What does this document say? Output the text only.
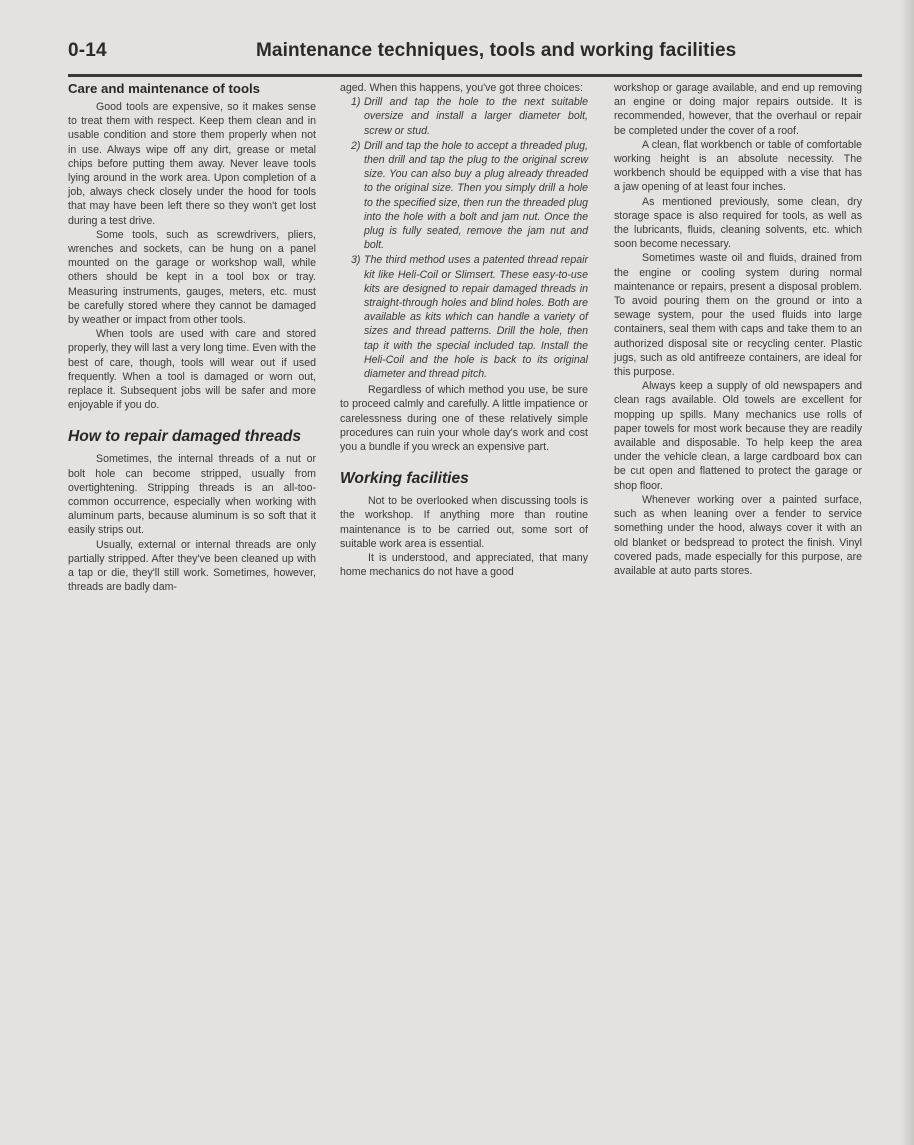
0-14	Maintenance techniques, tools and working facilities
Care and maintenance of tools

Good tools are expensive, so it makes sense to treat them with respect. Keep them clean and in usable condition and store them properly when not in use. Always wipe off any dirt, grease or metal chips before putting them away. Never leave tools lying around in the work area. Upon completion of a job, always check closely under the hood for tools that may have been left there so they won't get lost during a test drive.

Some tools, such as screwdrivers, pliers, wrenches and sockets, can be hung on a panel mounted on the garage or workshop wall, while others should be kept in a tool box or tray. Measuring instruments, gauges, meters, etc. must be carefully stored where they cannot be damaged by weather or impact from other tools.

When tools are used with care and stored properly, they will last a very long time. Even with the best of care, though, tools will wear out if used frequently. When a tool is damaged or worn out, replace it. Subsequent jobs will be safer and more enjoyable if you do.

How to repair damaged threads

Sometimes, the internal threads of a nut or bolt hole can become stripped, usually from overtightening. Stripping threads is an all-too-common occurrence, especially when working with aluminum parts, because aluminum is so soft that it easily strips out.

Usually, external or internal threads are only partially stripped. After they've been cleaned up with a tap or die, they'll still work. Sometimes, however, threads are badly dam-

aged. When this happens, you've got three choices:

1) Drill and tap the hole to the next suitable oversize and install a larger diameter bolt, screw or stud.
2) Drill and tap the hole to accept a threaded plug, then drill and tap the plug to the original screw size. You can also buy a plug already threaded to the original size. Then you simply drill a hole to the specified size, then run the threaded plug into the hole with a bolt and jam nut. Once the plug is fully seated, remove the jam nut and bolt.
3) The third method uses a patented thread repair kit like Heli-Coil or Slimsert. These easy-to-use kits are designed to repair damaged threads in straight-through holes and blind holes. Both are available as kits which can handle a variety of sizes and thread patterns. Drill the hole, then tap it with the special included tap. Install the Heli-Coil and the hole is back to its original diameter and thread pitch.

Regardless of which method you use, be sure to proceed calmly and carefully. A little impatience or carelessness during one of these relatively simple procedures can ruin your whole day's work and cost you a bundle if you wreck an expensive part.

Working facilities

Not to be overlooked when discussing tools is the workshop. If anything more than routine maintenance is to be carried out, some sort of suitable work area is essential.

It is understood, and appreciated, that many home mechanics do not have a good

workshop or garage available, and end up removing an engine or doing major repairs outside. It is recommended, however, that the overhaul or repair be completed under the cover of a roof.

A clean, flat workbench or table of comfortable working height is an absolute necessity. The workbench should be equipped with a vise that has a jaw opening of at least four inches.

As mentioned previously, some clean, dry storage space is also required for tools, as well as the lubricants, fluids, cleaning solvents, etc. which soon become necessary.

Sometimes waste oil and fluids, drained from the engine or cooling system during normal maintenance or repairs, present a disposal problem. To avoid pouring them on the ground or into a sewage system, pour the used fluids into large containers, seal them with caps and take them to an authorized disposal site or recycling center. Plastic jugs, such as old antifreeze containers, are ideal for this purpose.

Always keep a supply of old newspapers and clean rags available. Old towels are excellent for mopping up spills. Many mechanics use rolls of paper towels for most work because they are readily available and disposable. To help keep the area under the vehicle clean, a large cardboard box can be cut open and flattened to protect the garage or shop floor.

Whenever working over a painted surface, such as when leaning over a fender to service something under the hood, always cover it with an old blanket or bedspread to protect the finish. Vinyl covered pads, made especially for this purpose, are available at auto parts stores.
